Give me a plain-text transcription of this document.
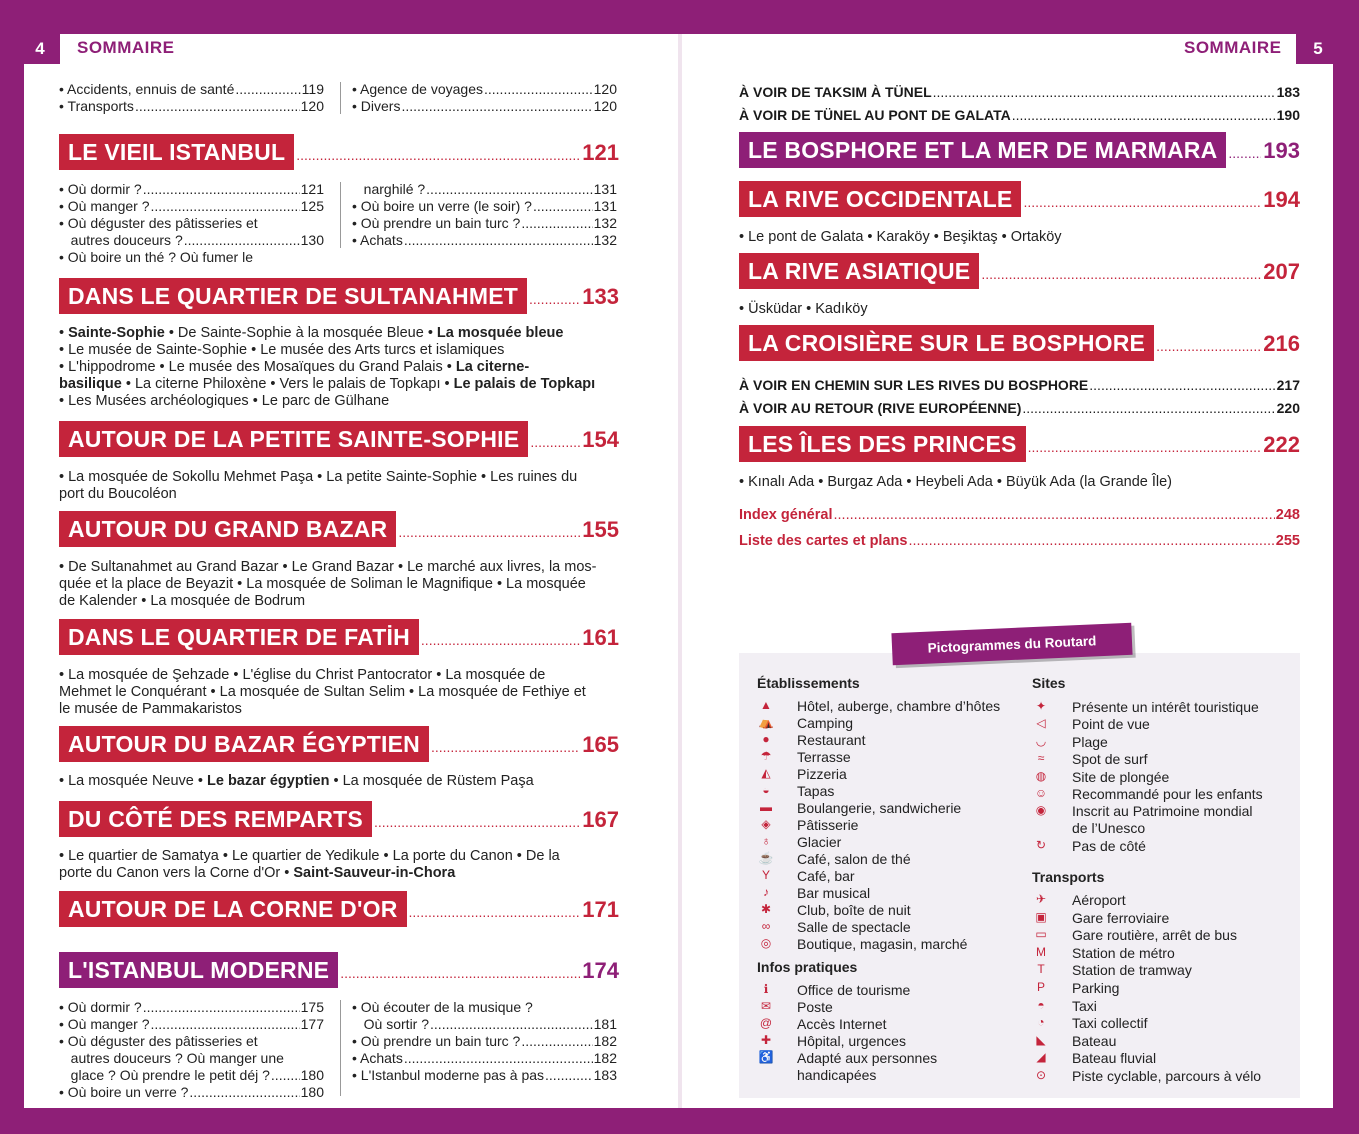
4	SOMMAIRE	SOMMAIRE	5
• Accidents, ennuis de santé .....	119
• Transports .....	120
• Agence de voyages .....	120
• Divers .....	120
LE VIEIL ISTANBUL .....	121
• Où dormir ? .....	121
• Où manger ? .....	125
• Où déguster des pâtisseries et
autres douceurs ? .....	130
• Où boire un thé ? Où fumer le
narghilé ? .....	131
• Où boire un verre (le soir) ? .....	131
• Où prendre un bain turc ? .....	132
• Achats .....	132
DANS LE QUARTIER DE SULTANAHMET .....	133
• Sainte-Sophie • De Sainte-Sophie à la mosquée Bleue • La mosquée bleue
• Le musée de Sainte-Sophie • Le musée des Arts turcs et islamiques
• L'hippodrome • Le musée des Mosaïques du Grand Palais • La citerne-
basilique • La citerne Philoxène • Vers le palais de Topkapı • Le palais de Topkapı
• Les Musées archéologiques • Le parc de Gülhane
AUTOUR DE LA PETITE SAINTE-SOPHIE .....	154
• La mosquée de Sokollu Mehmet Paşa • La petite Sainte-Sophie • Les ruines du
port du Boucoléon
AUTOUR DU GRAND BAZAR .....	155
• De Sultanahmet au Grand Bazar • Le Grand Bazar • Le marché aux livres, la mos-
quée et la place de Beyazit • La mosquée de Soliman le Magnifique • La mosquée
de Kalender • La mosquée de Bodrum
DANS LE QUARTIER DE FATİH .....	161
• La mosquée de Şehzade • L'église du Christ Pantocrator • La mosquée de
Mehmet le Conquérant • La mosquée de Sultan Selim • La mosquée de Fethiye et
le musée de Pammakaristos
AUTOUR DU BAZAR ÉGYPTIEN .....	165
• La mosquée Neuve • Le bazar égyptien • La mosquée de Rüstem Paşa
DU CÔTÉ DES REMPARTS .....	167
• Le quartier de Samatya • Le quartier de Yedikule • La porte du Canon • De la
porte du Canon vers la Corne d'Or • Saint-Sauveur-in-Chora
AUTOUR DE LA CORNE D'OR .....	171
L'ISTANBUL MODERNE .....	174
• Où dormir ? .....	175
• Où manger ? .....	177
• Où déguster des pâtisseries et
autres douceurs ? Où manger une
glace ? Où prendre le petit déj ? ..... 180
• Où boire un verre ? .....	180
• Où écouter de la musique ?
Où sortir ? .....	181
• Où prendre un bain turc ? .....	182
• Achats .....	182
• L'Istanbul moderne pas à pas .....	183
À VOIR DE TAKSIM À TÜNEL .....	183
À VOIR DE TÜNEL AU PONT DE GALATA .....	190
LE BOSPHORE ET LA MER DE MARMARA .....	193
LA RIVE OCCIDENTALE .....	194
• Le pont de Galata • Karaköy • Beşiktaş • Ortaköy
LA RIVE ASIATIQUE .....	207
• Üsküdar • Kadıköy
LA CROISIÈRE SUR LE BOSPHORE .....	216
À VOIR EN CHEMIN SUR LES RIVES DU BOSPHORE .....	217
À VOIR AU RETOUR (RIVE EUROPÉENNE) .....	220
LES ÎLES DES PRINCES .....	222
• Kınalı Ada • Burgaz Ada • Heybeli Ada • Büyük Ada (la Grande Île)
Index général .....	248
Liste des cartes et plans .....	255
Pictogrammes du Routard
Établissements
▲ Hôtel, auberge, chambre d’hôtes
⛺ Camping
●	Restaurant
☂ Terrasse
◭	Pizzeria
◒	Tapas
▬ Boulangerie, sandwicherie
◈	Pâtisserie
♁	Glacier
☕ Café, salon de thé
Y	Café, bar
♪	Bar musical
✱ Club, boîte de nuit
∞	Salle de spectacle
◎ Boutique, magasin, marché
Infos pratiques
ℹ	Office de tourisme
✉ Poste
@ Accès Internet
✚ Hôpital, urgences
♿ Adapté aux personnes
handicapées
Sites
✦ Présente un intérêt touristique
◁	Point de vue
◡ Plage
≈	Spot de surf
◍ Site de plongée
☺ Recommandé pour les enfants
◉ Inscrit au Patrimoine mondial
de l’Unesco
↻ Pas de côté
Transports
✈ Aéroport
▣ Gare ferroviaire
▭ Gare routière, arrêt de bus
M Station de métro
T	Station de tramway
P	Parking
◓	Taxi
◔	Taxi collectif
◣	Bateau
◢	Bateau fluvial
⊙ Piste cyclable, parcours à vélo
